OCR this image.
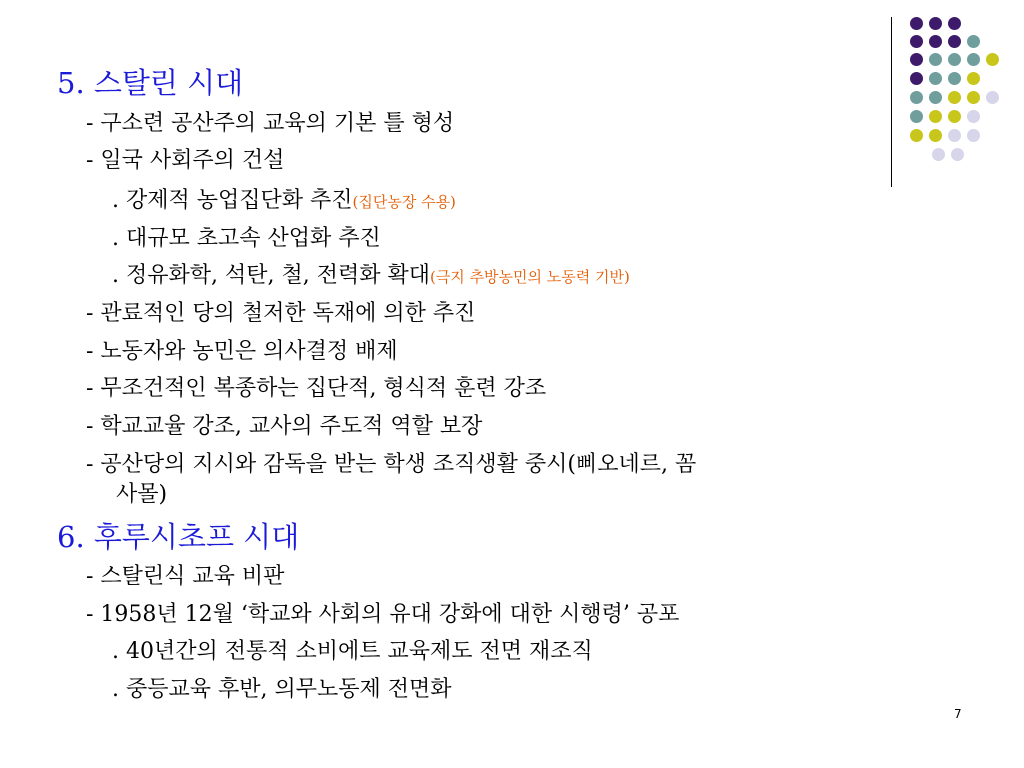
5. 스탈린 시대
- 구소련 공산주의 교육의 기본 틀 형성
- 일국 사회주의 건설
. 강제적 농업집단화 추진(집단농장 수용)
. 대규모 초고속 산업화 추진
. 정유화학, 석탄, 철, 전력화 확대(극지 추방농민의 노동력 기반)
- 관료적인 당의 철저한 독재에 의한 추진
- 노동자와 농민은 의사결정 배제
- 무조건적인 복종하는 집단적, 형식적 훈련 강조
- 학교교율 강조, 교사의 주도적 역할 보장
- 공산당의 지시와 감독을 받는 학생 조직생활 중시(삐오네르, 꼼
사몰)
6. 후루시초프 시대
- 스탈린식 교육 비판
- 1958년 12월 ‘학교와 사회의 유대 강화에 대한 시행령’ 공포
. 40년간의 전통적 소비에트 교육제도 전면 재조직
. 중등교육 후반, 의무노동제 전면화
7
